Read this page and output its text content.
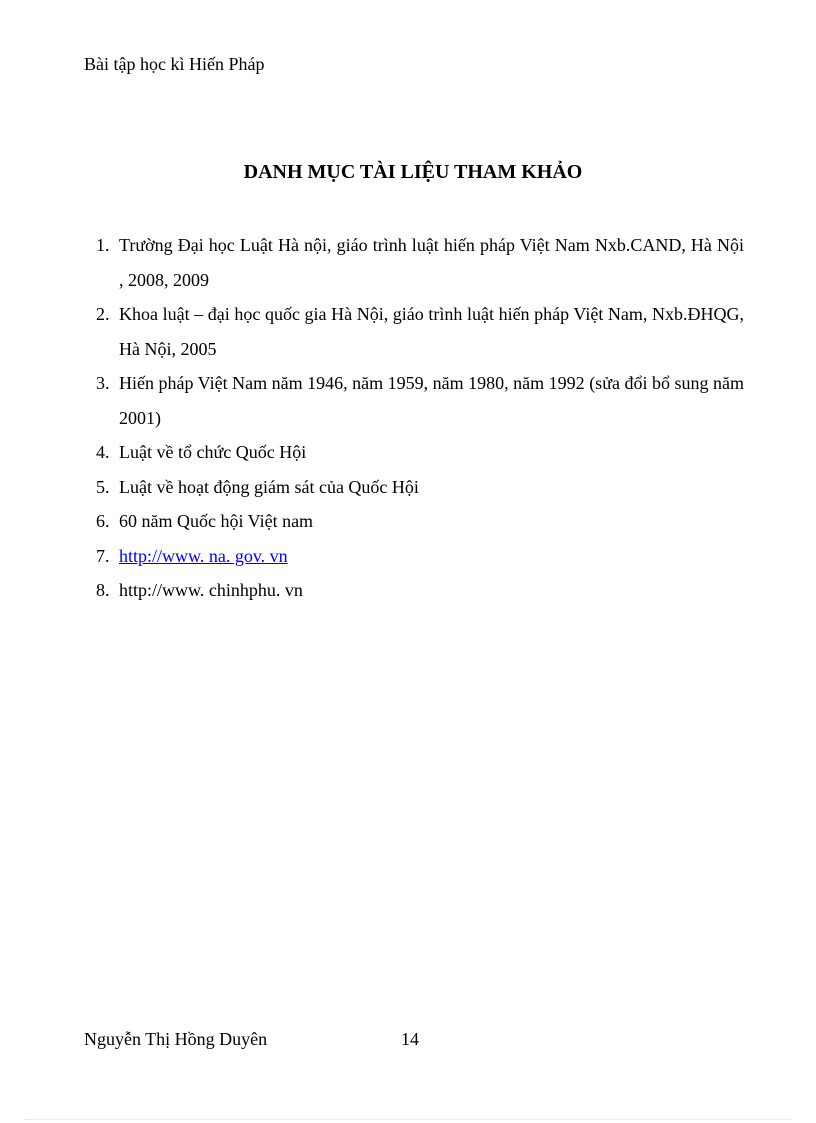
Bài tập học kì Hiến Pháp
DANH MỤC TÀI LIỆU THAM KHẢO
1. Trường Đại học Luật Hà nội, giáo trình luật hiến pháp Việt Nam Nxb.CAND, Hà Nội , 2008, 2009
2. Khoa luật – đại học quốc gia Hà Nội, giáo trình luật hiến pháp Việt Nam, Nxb.ĐHQG, Hà Nội, 2005
3. Hiến pháp Việt Nam năm 1946, năm 1959, năm 1980, năm 1992 (sửa đổi bổ sung năm 2001)
4. Luật về tổ chức Quốc Hội
5. Luật về hoạt động giám sát của Quốc Hội
6. 60 năm Quốc hội Việt nam
7. http://www. na. gov. vn
8. http://www. chinhphu. vn
Nguyễn Thị Hồng Duyên	14
